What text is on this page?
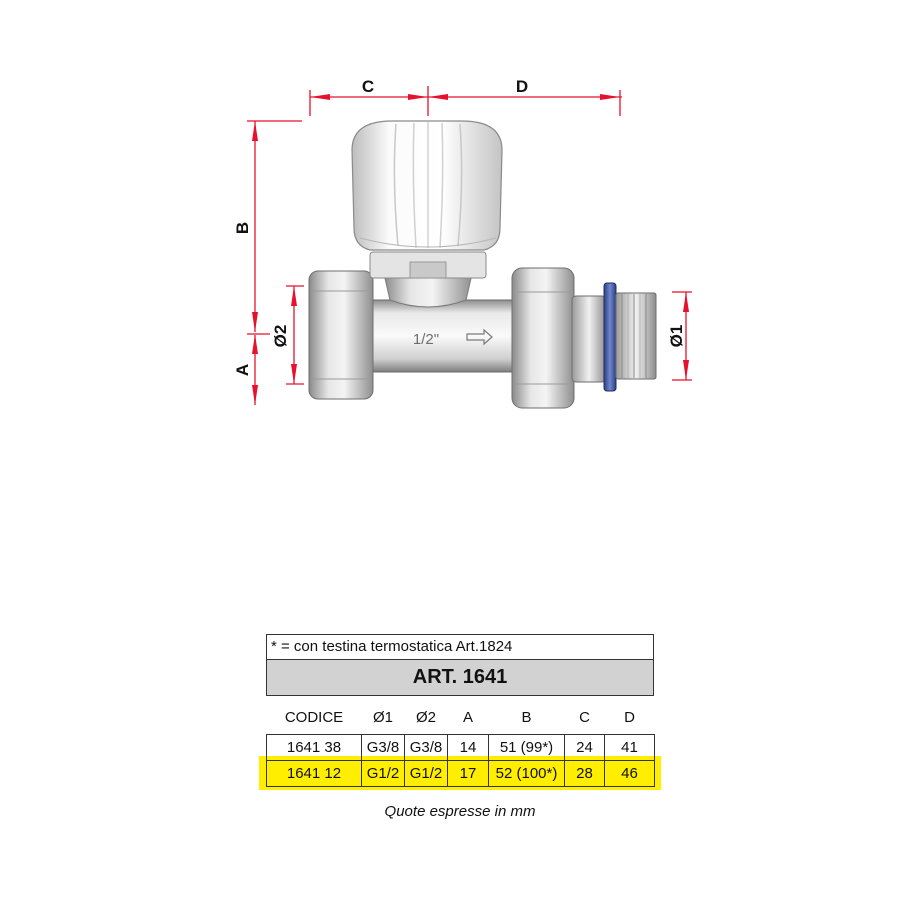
C	D
B
A
Ø2	Ø1
1/2"
* = con testina termostatica Art.1824
ART. 1641
CODICE	Ø1	Ø2	A	B	C	D

1641 38	G3/8	G3/8	14	51 (99*)	24	41
1641 12	G1/2	G1/2	17	52 (100*)	28	46
Quote espresse in mm
